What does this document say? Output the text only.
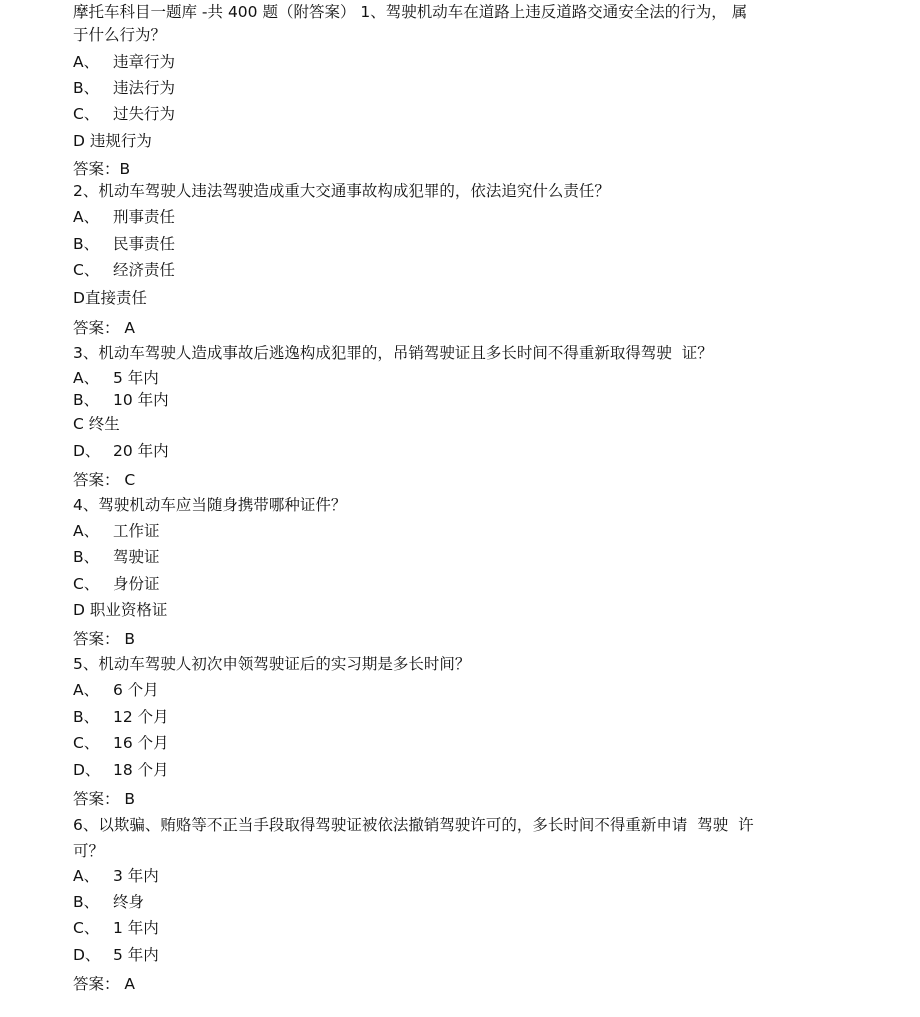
摩托车科目一题库 -共 400 题（附答案） 1、驾驶机动车在道路上违反道路交通安全法的行为， 属
于什么行为？
A、 违章行为
B、 违法行为
C、 过失行为
D 违规行为
答案：B
2、机动车驾驶人违法驾驶造成重大交通事故构成犯罪的，依法追究什么责任？
A、 刑事责任
B、 民事责任
C、 经济责任
D直接责任
答案： A
3、机动车驾驶人造成事故后逃逸构成犯罪的，吊销驾驶证且多长时间不得重新取得驾驶  证？
A、 5 年内
B、 10 年内
C 终生
D、 20 年内
答案： C
4、驾驶机动车应当随身携带哪种证件？
A、 工作证
B、 驾驶证
C、 身份证
D 职业资格证
答案： B
5、机动车驾驶人初次申领驾驶证后的实习期是多长时间？
A、 6 个月
B、 12 个月
C、 16 个月
D、 18 个月
答案： B
6、以欺骗、贿赂等不正当手段取得驾驶证被依法撤销驾驶许可的，多长时间不得重新申请  驾驶  许
可？
A、 3 年内
B、 终身
C、 1 年内
D、 5 年内
答案： A
